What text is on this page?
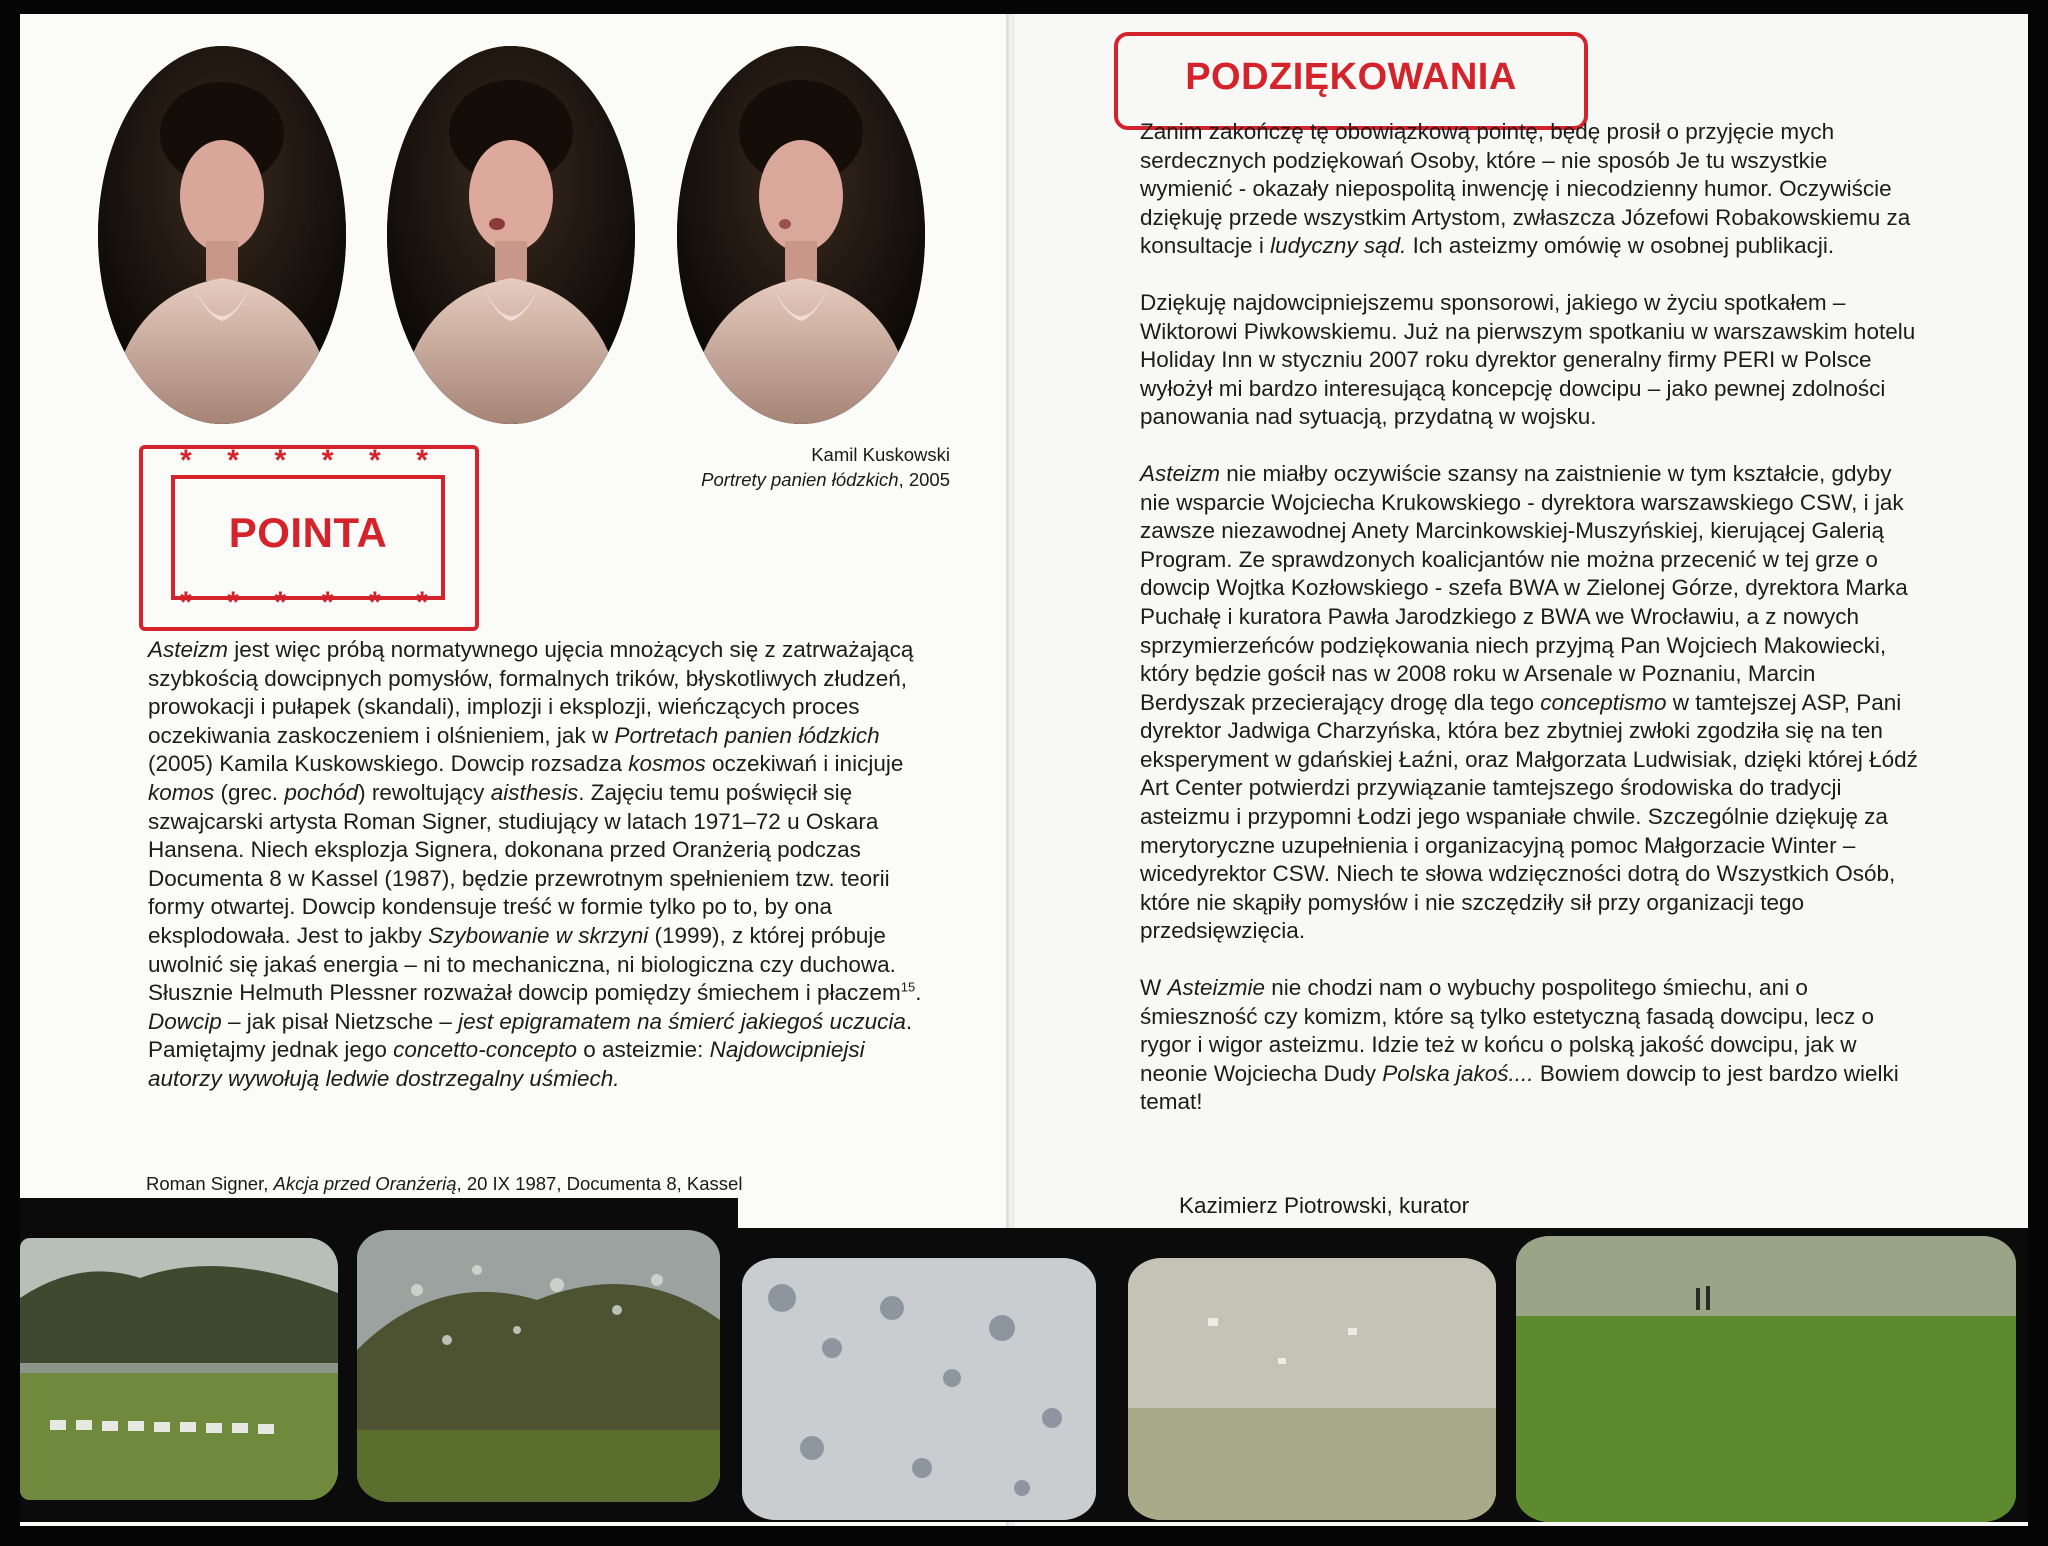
Kamil Kuskowski
Portrety panien łódzkich, 2005
* * * * * *
* * * * * *
POINTA

Asteizm jest więc próbą normatywnego ujęcia mnożących się z zatrważającą szybkością dowcipnych pomysłów, formalnych trików, błyskotliwych złudzeń, prowokacji i pułapek (skandali), implozji i eksplozji, wieńczących proces oczekiwania zaskoczeniem i olśnieniem, jak w Portretach panien łódzkich (2005) Kamila Kuskowskiego. Dowcip rozsadza kosmos oczekiwań i inicjuje komos (grec. pochód) rewoltujący aisthesis. Zajęciu temu poświęcił się szwajcarski artysta Roman Signer, studiujący w latach 1971–72 u Oskara Hansena. Niech eksplozja Signera, dokonana przed Oranżerią podczas Documenta 8 w Kassel (1987), będzie przewrotnym spełnieniem tzw. teorii formy otwartej. Dowcip kondensuje treść w formie tylko po to, by ona eksplodowała. Jest to jakby Szybowanie w skrzyni (1999), z której próbuje uwolnić się jakaś energia – ni to mechaniczna, ni biologiczna czy duchowa. Słusznie Helmuth Plessner rozważał dowcip pomiędzy śmiechem i płaczem$^{15}$. Dowcip – jak pisał Nietzsche – jest epigramatem na śmierć jakiegoś uczucia. Pamiętajmy jednak jego concetto-concepto o asteizmie: Najdowcipniejsi autorzy wywołują ledwie dostrzegalny uśmiech.

Roman Signer, Akcja przed Oranżerią, 20 IX 1987, Documenta 8, Kassel
PODZIĘKOWANIA

Zanim zakończę tę obowiązkową pointę, będę prosił o przyjęcie mych serdecznych podziękowań Osoby, które – nie sposób Je tu wszystkie wymienić - okazały niepospolitą inwencję i niecodzienny humor. Oczywiście dziękuję przede wszystkim Artystom, zwłaszcza Józefowi Robakowskiemu za konsultacje i ludyczny sąd. Ich asteizmy omówię w osobnej publikacji.

Dziękuję najdowcipniejszemu sponsorowi, jakiego w życiu spotkałem – Wiktorowi Piwkowskiemu. Już na pierwszym spotkaniu w warszawskim hotelu Holiday Inn w styczniu 2007 roku dyrektor generalny firmy PERI w Polsce wyłożył mi bardzo interesującą koncepcję dowcipu – jako pewnej zdolności panowania nad sytuacją, przydatną w wojsku.

Asteizm nie miałby oczywiście szansy na zaistnienie w tym kształcie, gdyby nie wsparcie Wojciecha Krukowskiego - dyrektora warszawskiego CSW, i jak zawsze niezawodnej Anety Marcinkowskiej-Muszyńskiej, kierującej Galerią Program. Ze sprawdzonych koalicjantów nie można przecenić w tej grze o dowcip Wojtka Kozłowskiego - szefa BWA w Zielonej Górze, dyrektora Marka Puchałę i kuratora Pawła Jarodzkiego z BWA we Wrocławiu, a z nowych sprzymierzeńców podziękowania niech przyjmą Pan Wojciech Makowiecki, który będzie gościł nas w 2008 roku w Arsenale w Poznaniu, Marcin Berdyszak przecierający drogę dla tego conceptismo w tamtejszej ASP, Pani dyrektor Jadwiga Charzyńska, która bez zbytniej zwłoki zgodziła się na ten eksperyment w gdańskiej Łaźni, oraz Małgorzata Ludwisiak, dzięki której Łódź Art Center potwierdzi przywiązanie tamtejszego środowiska do tradycji asteizmu i przypomni Łodzi jego wspaniałe chwile. Szczególnie dziękuję za merytoryczne uzupełnienia i organizacyjną pomoc Małgorzacie Winter – wicedyrektor CSW. Niech te słowa wdzięczności dotrą do Wszystkich Osób, które nie skąpiły pomysłów i nie szczędziły sił przy organizacji tego przedsięwzięcia.

W Asteizmie nie chodzi nam o wybuchy pospolitego śmiechu, ani o śmieszność czy komizm, które są tylko estetyczną fasadą dowcipu, lecz o rygor i wigor asteizmu. Idzie też w końcu o polską jakość dowcipu, jak w neonie Wojciecha Dudy Polska jakoś.... Bowiem dowcip to jest bardzo wielki temat!

Kazimierz Piotrowski, kurator
